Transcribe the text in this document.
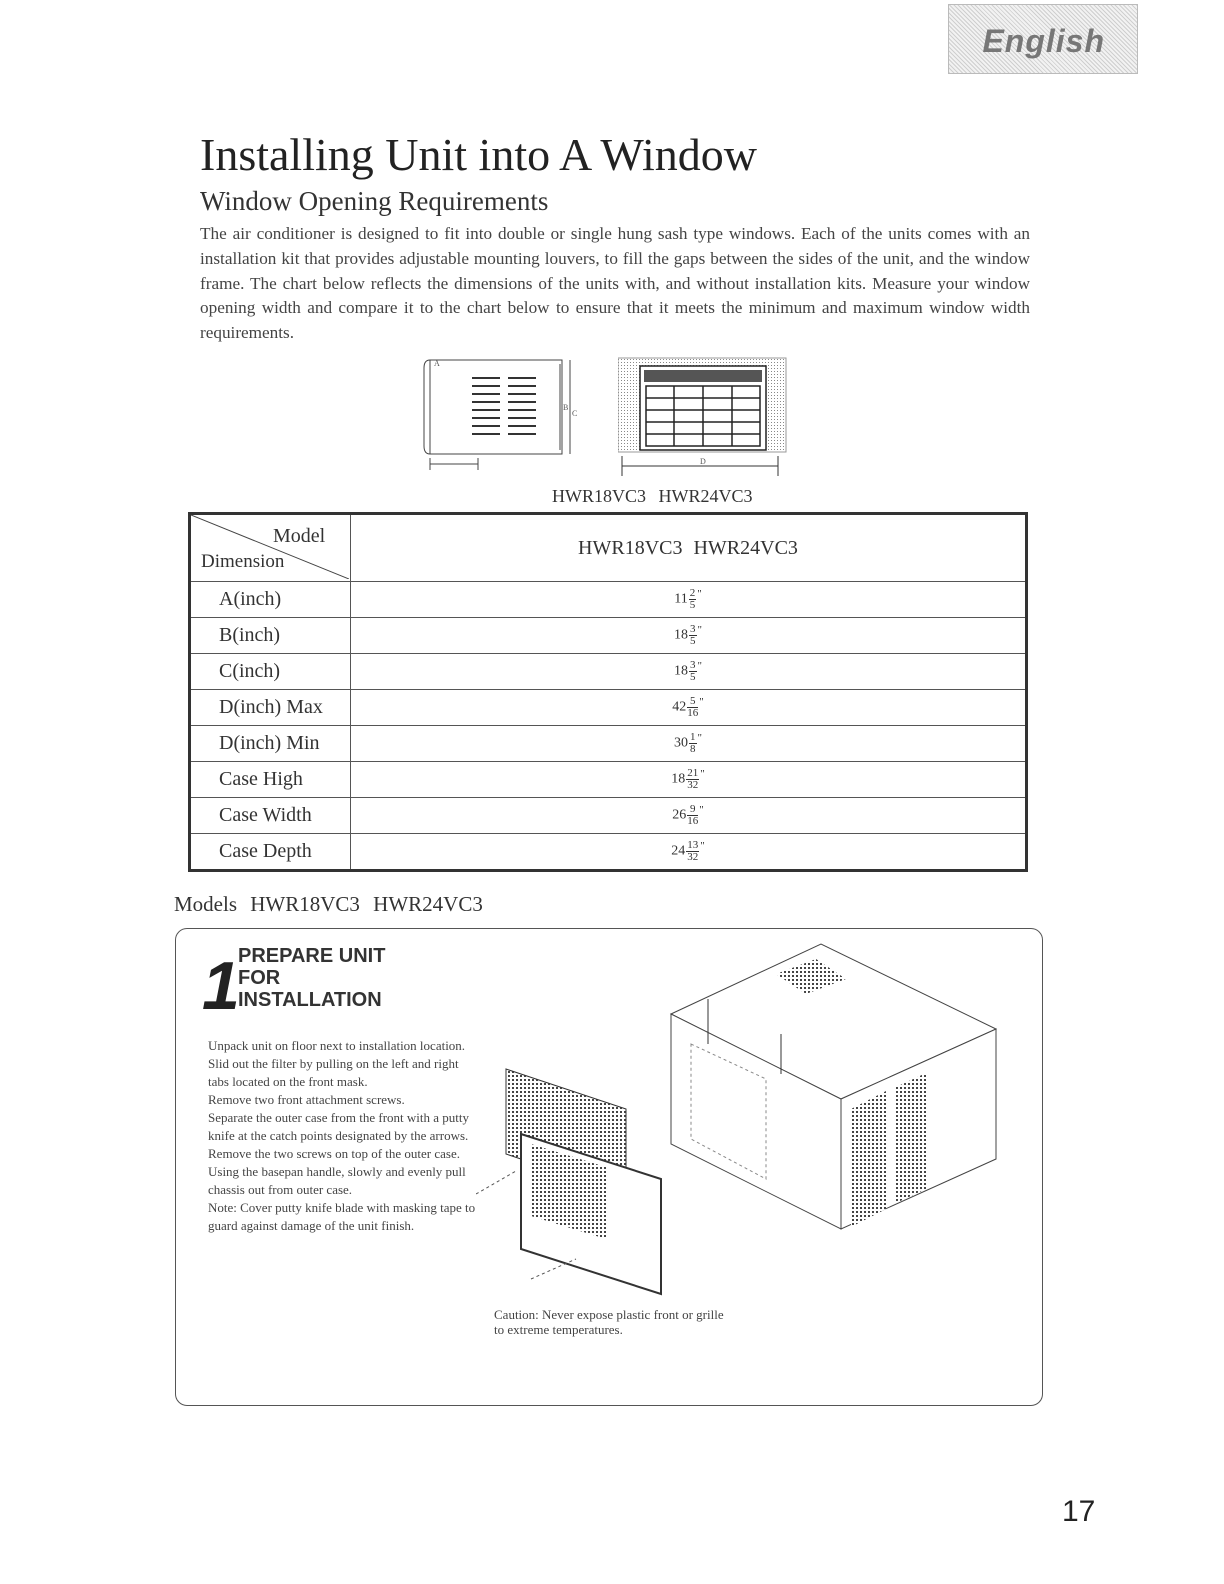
English
Installing Unit into A Window
Window Opening Requirements

The air conditioner is designed to fit into double or single hung sash type windows. Each of the units comes with an installation kit that provides adjustable mounting louvers, to fill the gaps between the sides of the unit, and the window frame. The chart below reflects the dimensions of the units with, and without installation kits. Measure your window opening width and compare it to the chart below to ensure that it meets the minimum and maximum window width requirements.

A
B
C
D
HWR18VC3 HWR24VC3
Model
Dimension	HWR18VC3 HWR24VC3
A(inch)	$11 \frac{2}{5} ^"$
B(inch)	$18 \frac{3}{5} ^"$
C(inch)	$18 \frac{3}{5} ^"$
D(inch) Max	$42 \frac{5}{16} ^"$
D(inch) Min	$30 \frac{1}{8} ^"$
Case High	$18 \frac{21}{32} ^"$
Case Width	$26 \frac{9}{16} ^"$
Case Depth	$24 \frac{13}{32} ^"$
Models HWR18VC3 HWR24VC3
1
PREPARE UNIT
FOR
INSTALLATION

Unpack unit on floor next to installation location.
Slid out the filter by pulling on the left and right tabs located on the front mask.
Remove two front attachment screws.
Separate the outer case from the front with a putty knife at the catch points designated by the arrows.
Remove the two screws on top of the outer case.
Using the basepan handle, slowly and evenly pull chassis out from outer case.
Note: Cover putty knife blade with masking tape to guard against damage of the unit finish.

Caution: Never expose plastic front or grille to extreme temperatures.

17
